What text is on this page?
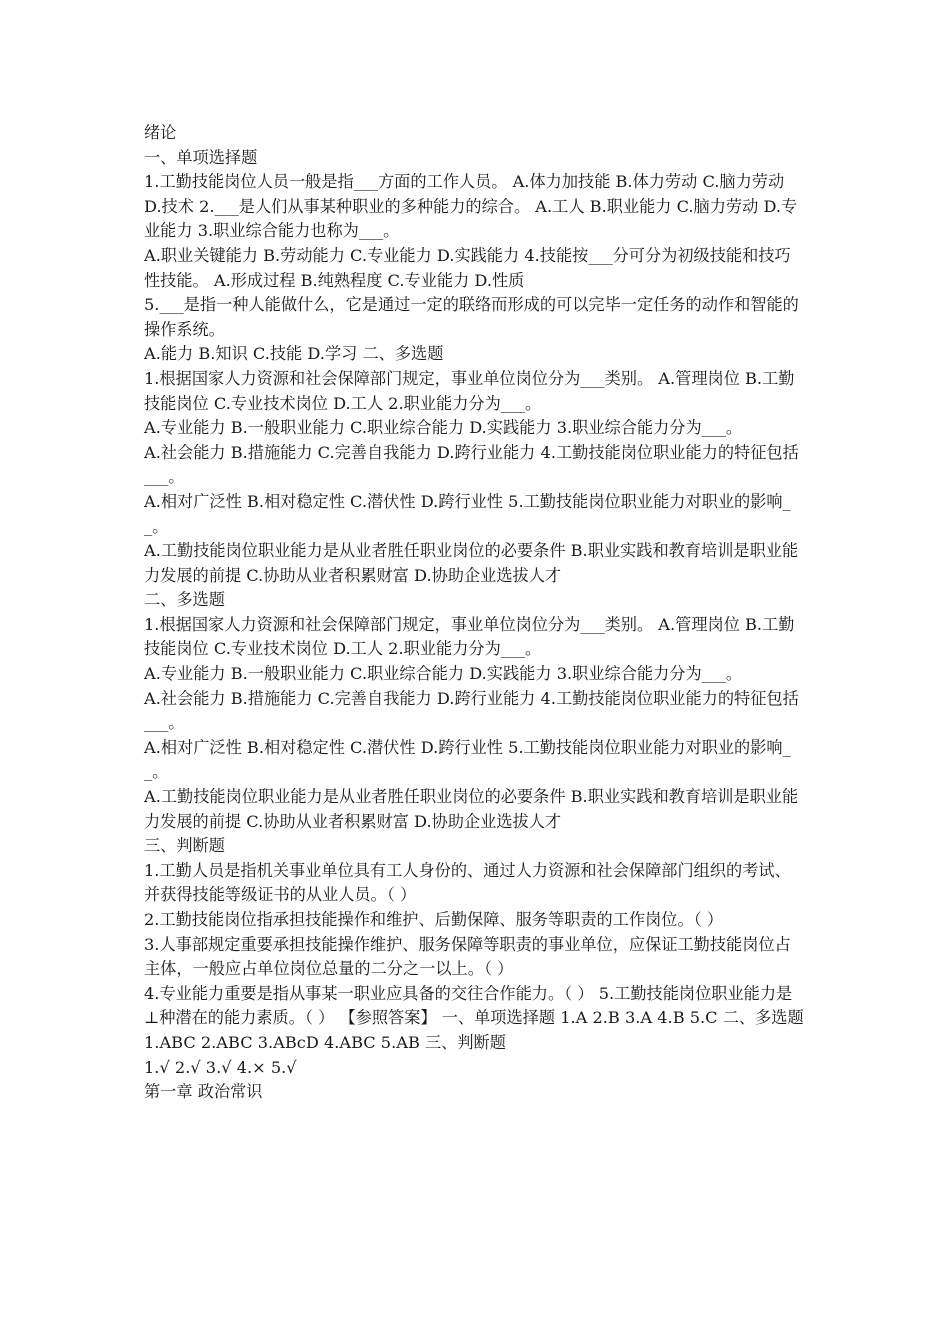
绪论

一、单项选择题

1.工勤技能岗位人员一般是指___方面的工作人员。 A.体力加技能 B.体力劳动 C.脑力劳动 D.技术 2.___是人们从事某种职业的多种能力的综合。 A.工人 B.职业能力 C.脑力劳动 D.专业能力 3.职业综合能力也称为___。

A.职业关键能力 B.劳动能力 C.专业能力 D.实践能力 4.技能按___分可分为初级技能和技巧性技能。 A.形成过程 B.纯熟程度 C.专业能力 D.性质

5.___是指一种人能做什么，它是通过一定的联络而形成的可以完毕一定任务的动作和智能的操作系统。

A.能力 B.知识 C.技能 D.学习 二、多选题

1.根据国家人力资源和社会保障部门规定，事业单位岗位分为___类别。 A.管理岗位 B.工勤技能岗位 C.专业技术岗位 D.工人 2.职业能力分为___。

A.专业能力 B.一般职业能力 C.职业综合能力 D.实践能力 3.职业综合能力分为___。

A.社会能力 B.措施能力 C.完善自我能力 D.跨行业能力 4.工勤技能岗位职业能力的特征包括___。

A.相对广泛性 B.相对稳定性 C.潜伏性 D.跨行业性 5.工勤技能岗位职业能力对职业的影响__。

A.工勤技能岗位职业能力是从业者胜任职业岗位的必要条件 B.职业实践和教育培训是职业能力发展的前提 C.协助从业者积累财富 D.协助企业选拔人才

二、多选题

1.根据国家人力资源和社会保障部门规定，事业单位岗位分为___类别。 A.管理岗位 B.工勤技能岗位 C.专业技术岗位 D.工人 2.职业能力分为___。

A.专业能力 B.一般职业能力 C.职业综合能力 D.实践能力 3.职业综合能力分为___。

A.社会能力 B.措施能力 C.完善自我能力 D.跨行业能力 4.工勤技能岗位职业能力的特征包括___。

A.相对广泛性 B.相对稳定性 C.潜伏性 D.跨行业性 5.工勤技能岗位职业能力对职业的影响__。

A.工勤技能岗位职业能力是从业者胜任职业岗位的必要条件 B.职业实践和教育培训是职业能力发展的前提 C.协助从业者积累财富 D.协助企业选拔人才

三、判断题

1.工勤人员是指机关事业单位具有工人身份的、通过人力资源和社会保障部门组织的考试、并获得技能等级证书的从业人员。（ ）

2.工勤技能岗位指承担技能操作和维护、后勤保障、服务等职责的工作岗位。（ ）

3.人事部规定重要承担技能操作维护、服务保障等职责的事业单位，应保证工勤技能岗位占主体，一般应占单位岗位总量的二分之一以上。（ ）

4.专业能力重要是指从事某一职业应具备的交往合作能力。（ ） 5.工勤技能岗位职业能力是⊥种潜在的能力素质。（ ） 【参照答案】 一、单项选择题 1.A 2.B 3.A 4.B 5.C 二、多选题

1.ABC 2.ABC 3.ABcD 4.ABC 5.AB 三、判断题

1.√ 2.√ 3.√ 4.× 5.√

第一章 政治常识
